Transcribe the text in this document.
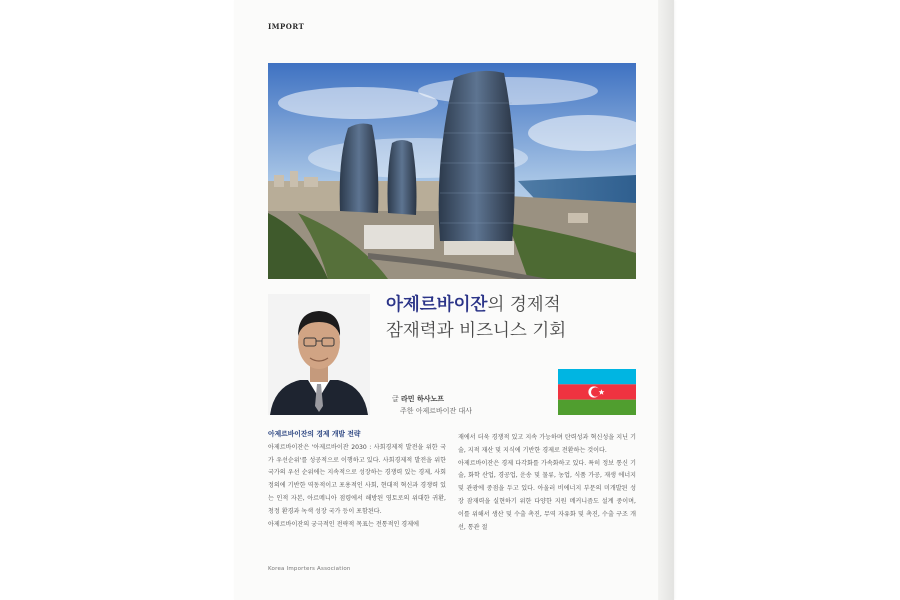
IMPORT
아제르바이잔의 경제적
잠재력과 비즈니스 기회
글 라민 하사노프
주한 아제르바이잔 대사
아제르바이잔의 경제 개발 전략

아제르바이잔은 '아제르바이잔 2030 : 사회경제적 발전을 위한 국가 우선순위'를 성공적으로 이행하고 있다. 사회경제적 발전을 위한 국가의 우선 순위에는 지속적으로 성장하는 경쟁력 있는 경제, 사회 정의에 기반한 역동적이고 포용적인 사회, 현대적 혁신과 경쟁력 있는 인적 자본, 아르메니아 점령에서 해방된 영토로의 위대한 귀환, 청정 환경과 녹색 성장 국가 등이 포함된다.

아제르바이잔의 궁극적인 전략적 목표는 전통적인 경제에

재에서 더욱 경쟁적 있고 지속 가능하며 탄력성과 혁신성을 지닌 기술, 지적 재산 및 지식에 기반한 경제로 전환하는 것이다.

아제르바이잔은 경제 다각화를 가속화하고 있다. 특히 정보 통신 기술, 화학 산업, 경공업, 운송 및 물류, 농업, 식품 가공, 재생 에너지 및 관광에 중점을 두고 있다. 아울러 비에너지 부문의 미개발된 성장 잠재력을 실현하기 위한 다양한 지원 메커니즘도 설계 중이며, 이를 위해서 생산 및 수출 촉진, 무역 자유화 및 촉진, 수출 구조 개선, 통관 절

Korea Importers Association
